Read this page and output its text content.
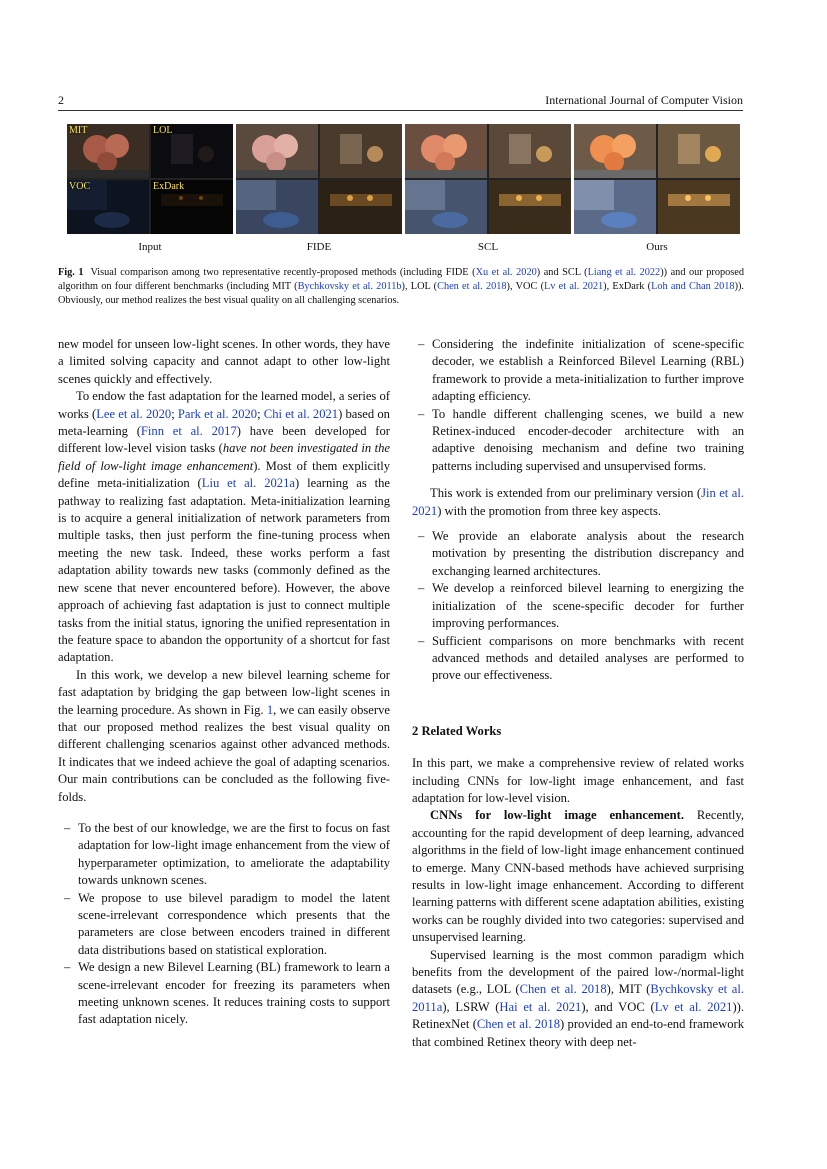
2	International Journal of Computer Vision
MIT	LOL
VOC	ExDark
Input	FIDE	SCL	Ours
Fig. 1 Visual comparison among two representative recently-proposed methods (including FIDE (Xu et al. 2020) and SCL (Liang et al. 2022)) and our proposed algorithm on four different benchmarks (including MIT (Bychkovsky et al. 2011b), LOL (Chen et al. 2018), VOC (Lv et al. 2021), ExDark (Loh and Chan 2018)). Obviously, our method realizes the best visual quality on all challenging scenarios.

new model for unseen low-light scenes. In other words, they have a limited solving capacity and cannot adapt to other low-light scenes quickly and effectively.

To endow the fast adaptation for the learned model, a series of works (Lee et al. 2020; Park et al. 2020; Chi et al. 2021) based on meta-learning (Finn et al. 2017) have been developed for different low-level vision tasks (have not been investigated in the field of low-light image enhancement). Most of them explicitly define meta-initialization (Liu et al. 2021a) learning as the pathway to realizing fast adaptation. Meta-initialization learning is to acquire a general initialization of network parameters from multiple tasks, then just perform the fine-tuning process when meeting the new task. Indeed, these works perform a fast adaptation ability towards new tasks (commonly defined as the new scene that never encountered before). However, the above approach of achieving fast adaptation is just to connect multiple tasks from the initial status, ignoring the unified representation in the feature space to abandon the opportunity of a shortcut for fast adaptation.

In this work, we develop a new bilevel learning scheme for fast adaptation by bridging the gap between low-light scenes in the learning procedure. As shown in Fig. 1, we can easily observe that our proposed method realizes the best visual quality on different challenging scenarios against other advanced methods. It indicates that we indeed achieve the goal of adapting scenarios. Our main contributions can be concluded as the following five-folds.

– To the best of our knowledge, we are the first to focus on fast adaptation for low-light image enhancement from the view of hyperparameter optimization, to ameliorate the adaptability towards unknown scenes.
– We propose to use bilevel paradigm to model the latent scene-irrelevant correspondence which presents that the parameters are close between encoders trained in different data distributions based on statistical exploration.
– We design a new Bilevel Learning (BL) framework to learn a scene-irrelevant encoder for freezing its parameters when meeting unknown scenes. It reduces training costs to support fast adaptation nicely.
– Considering the indefinite initialization of scene-specific decoder, we establish a Reinforced Bilevel Learning (RBL) framework to provide a meta-initialization to further improve adapting efficiency.
– To handle different challenging scenes, we build a new Retinex-induced encoder-decoder architecture with an adaptive denoising mechanism and define two training patterns including supervised and unsupervised forms.

This work is extended from our preliminary version (Jin et al. 2021) with the promotion from three key aspects.

– We provide an elaborate analysis about the research motivation by presenting the distribution discrepancy and exchanging learned architectures.
– We develop a reinforced bilevel learning to energizing the initialization of the scene-specific decoder for further improving performances.
– Sufficient comparisons on more benchmarks with recent advanced methods and detailed analyses are performed to prove our effectiveness.
2 Related Works

In this part, we make a comprehensive review of related works including CNNs for low-light image enhancement, and fast adaptation for low-level vision.

CNNs for low-light image enhancement. Recently, accounting for the rapid development of deep learning, advanced algorithms in the field of low-light image enhancement continued to emerge. Many CNN-based methods have achieved surprising results in low-light image enhancement. According to different learning patterns with different scene adaptation abilities, existing works can be roughly divided into two categories: supervised and unsupervised learning.

Supervised learning is the most common paradigm which benefits from the development of the paired low-/normal-light datasets (e.g., LOL (Chen et al. 2018), MIT (Bychkovsky et al. 2011a), LSRW (Hai et al. 2021), and VOC (Lv et al. 2021)). RetinexNet (Chen et al. 2018) provided an end-to-end framework that combined Retinex theory with deep net-
